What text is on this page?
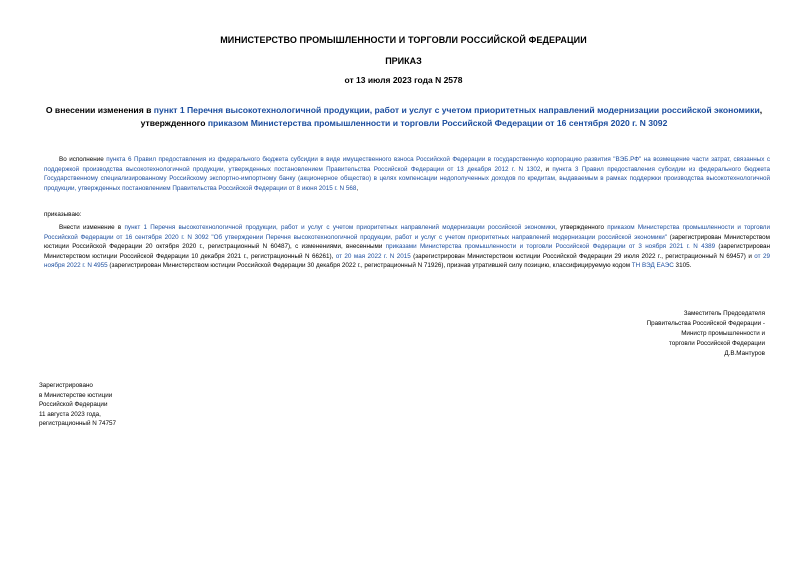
МИНИСТЕРСТВО ПРОМЫШЛЕННОСТИ И ТОРГОВЛИ РОССИЙСКОЙ ФЕДЕРАЦИИ
ПРИКАЗ
от 13 июля 2023 года N 2578
О внесении изменения в пункт 1 Перечня высокотехнологичной продукции, работ и услуг с учетом приоритетных направлений модернизации российской экономики, утвержденного приказом Министерства промышленности и торговли Российской Федерации от 16 сентября 2020 г. N 3092
Во исполнение пункта 6 Правил предоставления из федерального бюджета субсидии в виде имущественного взноса Российской Федерации в государственную корпорацию развития "ВЭБ.РФ" на возмещение части затрат, связанных с поддержкой производства высокотехнологичной продукции, утвержденных постановлением Правительства Российской Федерации от 13 декабря 2012 г. N 1302, и пункта 3 Правил предоставления субсидии из федерального бюджета Государственному специализированному Российскому экспортно-импортному банку (акционерное общество) в целях компенсации недополученных доходов по кредитам, выдаваемым в рамках поддержки производства высокотехнологичной продукции, утвержденных постановлением Правительства Российской Федерации от 8 июня 2015 г. N 568,
приказываю:
Внести изменение в пункт 1 Перечня высокотехнологичной продукции, работ и услуг с учетом приоритетных направлений модернизации российской экономики, утвержденного приказом Министерства промышленности и торговли Российской Федерации от 16 сентября 2020 г. N 3092 "Об утверждении Перечня высокотехнологичной продукции, работ и услуг с учетом приоритетных направлений модернизации российской экономики" (зарегистрирован Министерством юстиции Российской Федерации 20 октября 2020 г., регистрационный N 60487), с изменениями, внесенными приказами Министерства промышленности и торговли Российской Федерации от 3 ноября 2021 г. N 4389 (зарегистрирован Министерством юстиции Российской Федерации 10 декабря 2021 г., регистрационный N 66261), от 20 мая 2022 г. N 2015 (зарегистрирован Министерством юстиции Российской Федерации 29 июля 2022 г., регистрационный N 69457) и от 29 ноября 2022 г. N 4955 (зарегистрирован Министерством юстиции Российской Федерации 30 декабря 2022 г., регистрационный N 71926), признав утратившей силу позицию, классифицируемую кодом ТН ВЭД ЕАЭС 3105.
Заместитель Председателя
Правительства Российской Федерации -
Министр промышленности и
торговли Российской Федерации
Д.В.Мантуров
Зарегистрировано
в Министерстве юстиции
Российской Федерации
11 августа 2023 года,
регистрационный N 74757
